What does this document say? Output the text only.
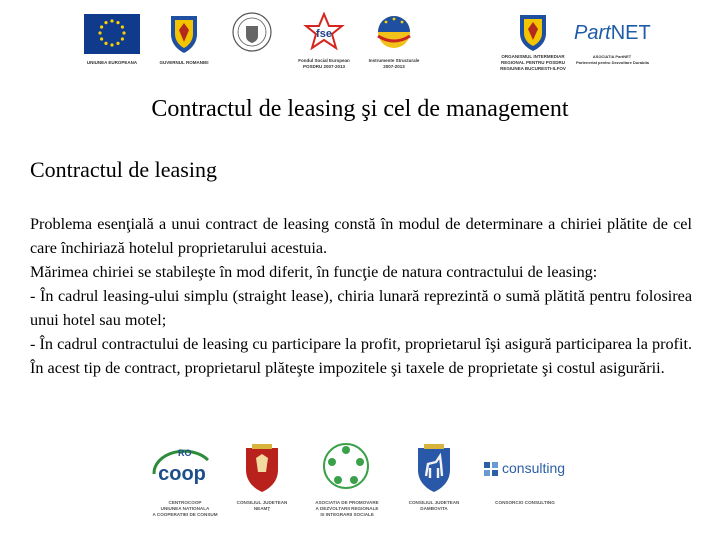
UNIUNEA EUROPEANA	GUVERNUL ROMANIEI
fse
Fondul Social European
POSDRU 2007-2013
Instrumente Structurale
2007-2013
ORGANISMUL INTERMEDIAR
REGIONAL PENTRU POSDRU
REGIUNEA BUCURESTI-ILFOV
PartNET
ASOCIATIA PartNET
Parteneriat pentru Dezvoltare Durabila
Contractul de leasing şi cel de management
Contractul de leasing

Problema esenţială a unui contract de leasing constă în modul de determinare a chiriei plătite de cel care închiriază hotelul proprietarului acestuia.

Mărimea chiriei se stabileşte în mod diferit, în funcţie de natura contractului de leasing:

- În cadrul leasing-ului simplu (straight lease), chiria lunară reprezintă o sumă plătită pentru folosirea unui hotel sau motel;

- În cadrul contractului de leasing cu participare la profit, proprietarul îşi asigură participarea la profit. În acest tip de contract, proprietarul plăteşte impozitele şi taxele de proprietate şi costul asigurării.

RO
coop
CENTROCOOP
UNIUNEA NATIONALA
A COOPERATIEI DE CONSUM
CONSILIUL JUDETEAN
NEAMŢ
ASOCIATIA DE PROMOVARE
A DEZVOLTARII REGIONALE
SI INTEGRARII SOCIALE
CONSILIUL JUDETEAN
DAMBOVITA
consulting
CONSORCIO CONSULTING
